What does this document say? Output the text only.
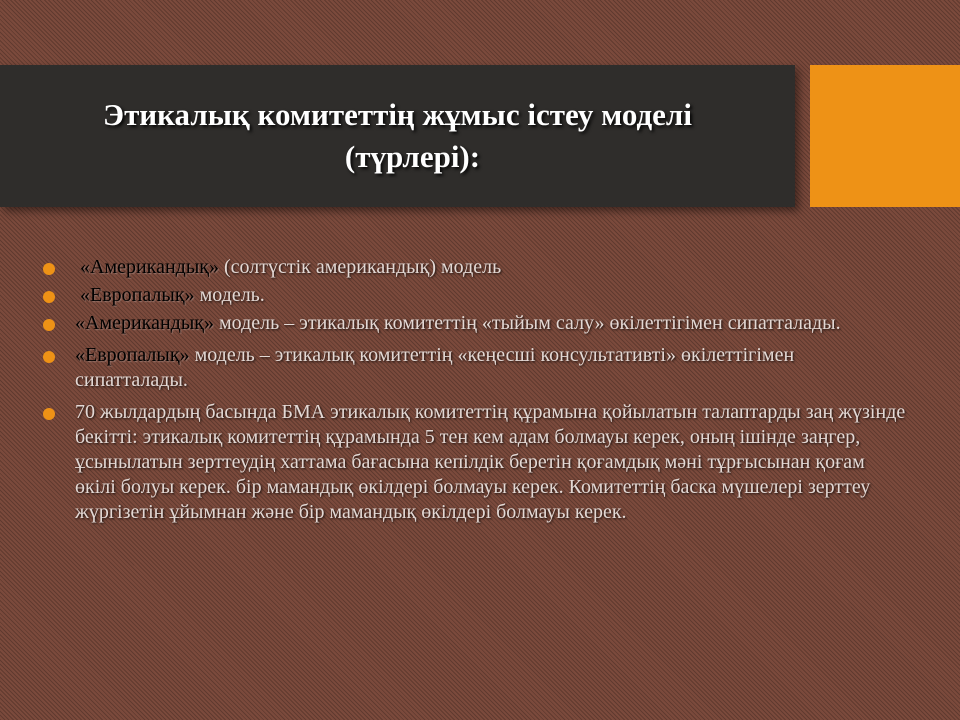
Этикалық комитеттің жұмыс істеу моделі
(түрлері):
«Американдық» (солтүстік американдық) модель
«Европалық» модель.
«Американдық» модель – этикалық комитеттің «тыйым салу» өкілеттігімен сипатталады.
«Европалық» модель – этикалық комитеттің «кеңесші консультативті» өкілеттігімен сипатталады.
70 жылдардың басында БМА этикалық комитеттің құрамына қойылатын талаптарды заң жүзінде бекітті: этикалық комитеттің құрамында 5 тен кем адам болмауы керек, оның ішінде заңгер, ұсынылатын зерттеудің хаттама бағасына кепілдік беретін қоғамдық мәні тұрғысынан қоғам өкілі болуы керек. бір мамандық өкілдері болмауы керек. Комитеттің баска мүшелері зерттеу жүргізетін ұйымнан және бір мамандық өкілдері болмауы керек.
